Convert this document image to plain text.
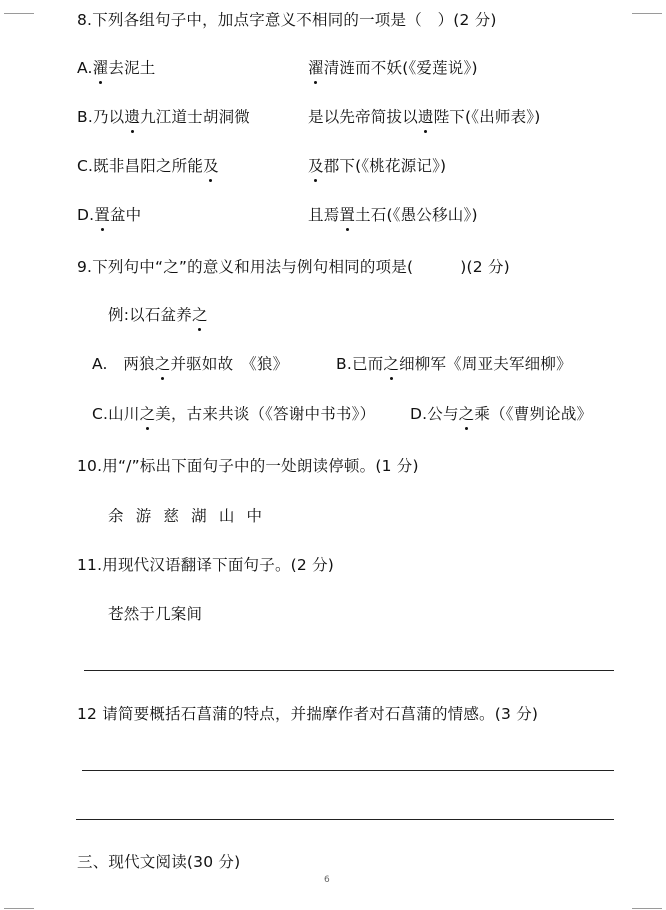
8.下列各组句子中，加点字意义不相同的一项是（　）(2 分)
A.濯去泥土	濯清涟而不妖(《爱莲说》)
B.乃以遗九江道士胡洞微	是以先帝简拔以遗陛下(《出师表》)
C.既非昌阳之所能及	及郡下(《桃花源记》)
D.置盆中	且焉置土石(《愚公移山》)
9.下列句中“之”的意义和用法与例句相同的项是(　　　)(2 分)
例:以石盆养之
A.　两狼之并驱如故　《狼》	B.已而之细柳军《周亚夫军细柳》
C.山川之美，古来共谈（《答谢中书书》） D.公与之乘（《曹刿论战》
10.用“/”标出下面句子中的一处朗读停顿。(1 分)
余 游 慈 湖 山 中
11.用现代汉语翻译下面句子。(2 分)
苍然于几案间
12 请简要概括石菖蒲的特点，并揣摩作者对石菖蒲的情感。(3 分)
三、现代文阅读(30 分)
6
